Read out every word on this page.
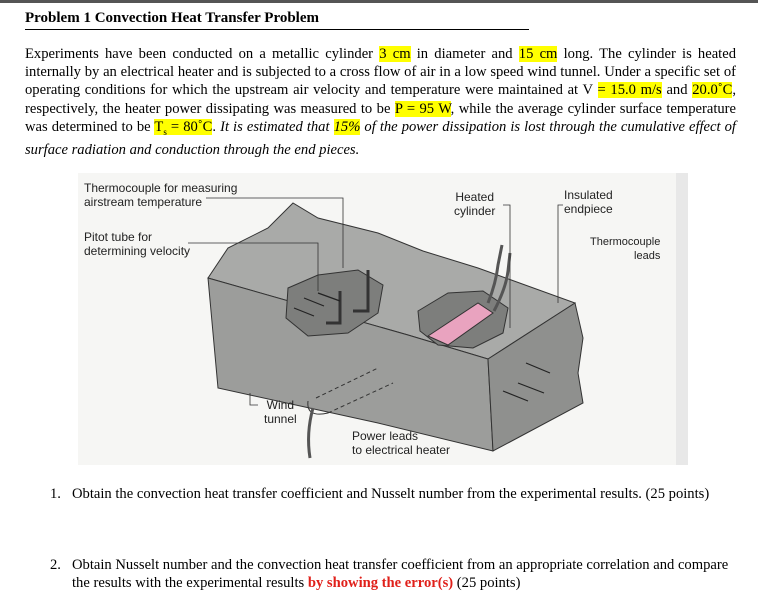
Problem 1 Convection Heat Transfer Problem
Experiments have been conducted on a metallic cylinder 3 cm in diameter and 15 cm long. The cylinder is heated internally by an electrical heater and is subjected to a cross flow of air in a low speed wind tunnel. Under a specific set of operating conditions for which the upstream air velocity and temperature were maintained at V = 15.0 m/s and 20.0˚C, respectively, the heater power dissipating was measured to be P = 95 W, while the average cylinder surface temperature was determined to be $T_s$ = 80˚C. It is estimated that 15% of the power dissipation is lost through the cumulative effect of surface radiation and conduction through the end pieces.
Thermocouple for measuring
airstream temperature
Pitot tube for
determining velocity
Heated
cylinder
Insulated
endpiece
Thermocouple
leads
Wind
tunnel
Power leads
to electrical heater
1. Obtain the convection heat transfer coefficient and Nusselt number from the experimental results. (25 points)
2. Obtain Nusselt number and the convection heat transfer coefficient from an appropriate correlation and compare the results with the experimental results by showing the error(s) (25 points)
